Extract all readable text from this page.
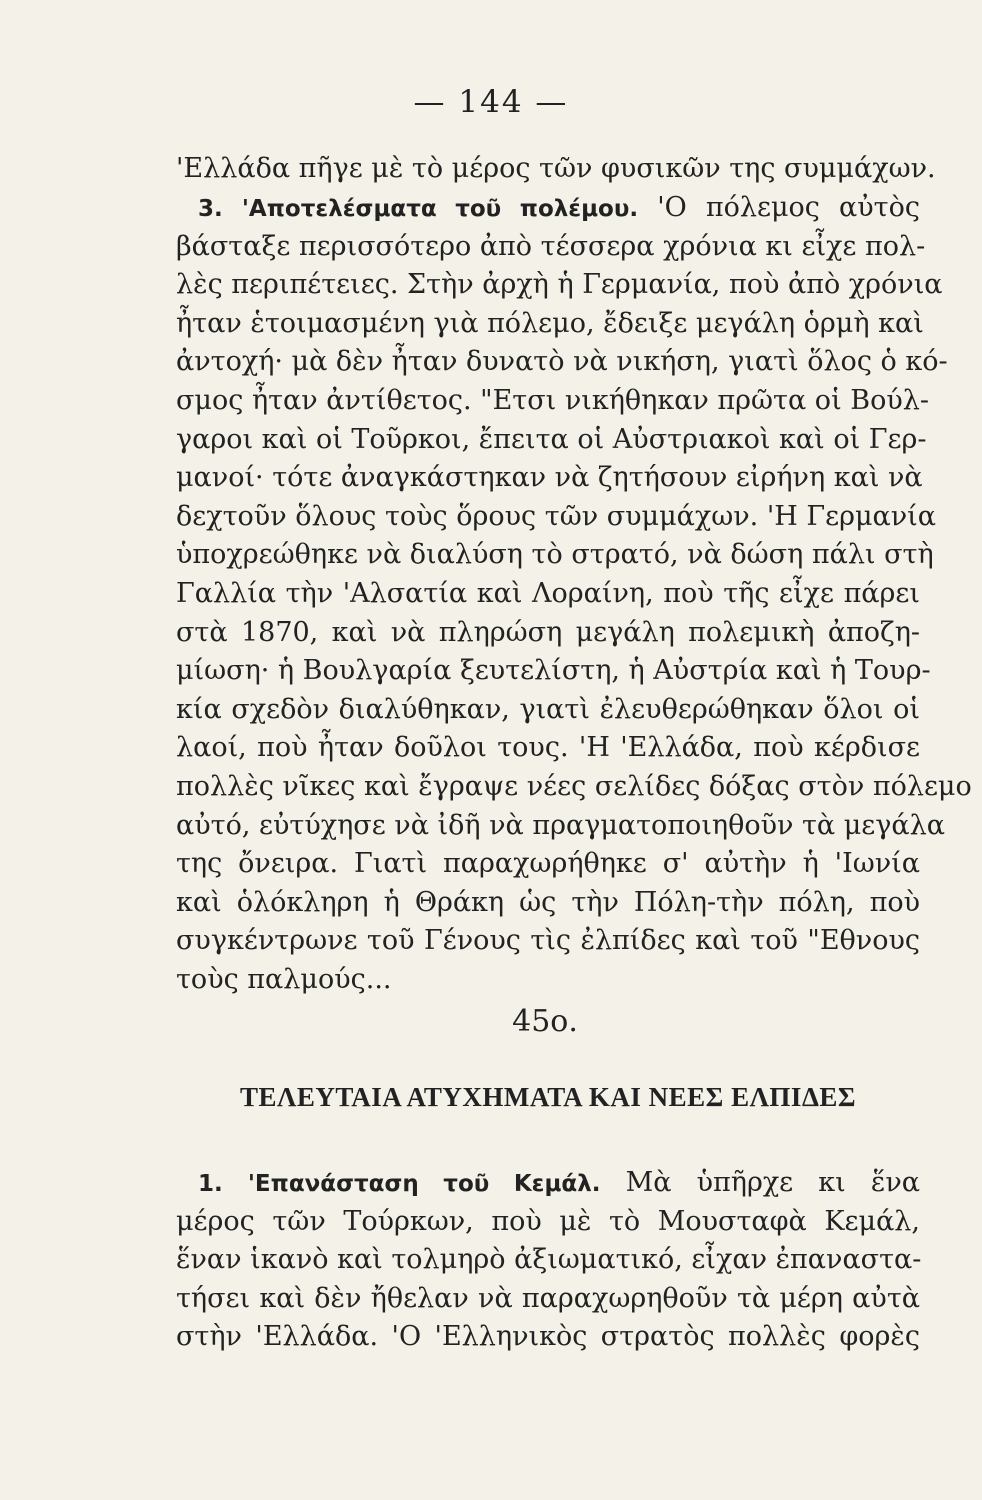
— 144 —
'Ελλάδα πῆγε μὲ τὸ μέρος τῶν φυσικῶν της συμμάχων.
3. 'Αποτελέσματα τοῦ πολέμου. 'Ο πόλεμος αὐτὸς
βάσταξε περισσότερο ἀπὸ τέσσερα χρόνια κι εἶχε πολ-
λὲς περιπέτειες. Στὴν ἀρχὴ ἡ Γερμανία, ποὺ ἀπὸ χρόνια
ἦταν ἑτοιμασμένη γιὰ πόλεμο, ἔδειξε μεγάλη ὁρμὴ καὶ
ἀντοχή· μὰ δὲν ἦταν δυνατὸ νὰ νικήση, γιατὶ ὅλος ὁ κό-
σμος ἦταν ἀντίθετος. "Ετσι νικήθηκαν πρῶτα οἱ Βούλ-
γαροι καὶ οἱ Τοῦρκοι, ἔπειτα οἱ Αὐστριακοὶ καὶ οἱ Γερ-
μανοί· τότε ἀναγκάστηκαν νὰ ζητήσουν εἰρήνη καὶ νὰ
δεχτοῦν ὅλους τοὺς ὅρους τῶν συμμάχων. 'Η Γερμανία
ὑποχρεώθηκε νὰ διαλύση τὸ στρατό, νὰ δώση πάλι στὴ
Γαλλία τὴν 'Αλσατία καὶ Λοραίνη, ποὺ τῆς εἶχε πάρει
στὰ 1870, καὶ νὰ πληρώση μεγάλη πολεμικὴ ἀποζη-
μίωση· ἡ Βουλγαρία ξευτελίστη, ἡ Αὐστρία καὶ ἡ Τουρ-
κία σχεδὸν διαλύθηκαν, γιατὶ ἐλευθερώθηκαν ὅλοι οἱ
λαοί, ποὺ ἦταν δοῦλοι τους. 'Η 'Ελλάδα, ποὺ κέρδισε
πολλὲς νῖκες καὶ ἔγραψε νέες σελίδες δόξας στὸν πόλεμο
αὐτό, εὐτύχησε νὰ ἰδῆ νὰ πραγματοποιηθοῦν τὰ μεγάλα
της ὄνειρα. Γιατὶ παραχωρήθηκε σ' αὐτὴν ἡ 'Ιωνία
καὶ ὁλόκληρη ἡ Θράκη ὡς τὴν Πόλη-τὴν πόλη, ποὺ
συγκέντρωνε τοῦ Γένους τὶς ἐλπίδες καὶ τοῦ "Εθνους
τοὺς παλμούς...
45ο.
ΤΕΛΕΥΤΑΙΑ ΑΤΥΧΗΜΑΤΑ ΚΑΙ ΝΕΕΣ ΕΛΠΙΔΕΣ
1. 'Επανάσταση τοῦ Κεμάλ. Μὰ ὑπῆρχε κι ἕνα
μέρος τῶν Τούρκων, ποὺ μὲ τὸ Μουσταφὰ Κεμάλ,
ἕναν ἱκανὸ καὶ τολμηρὸ ἀξιωματικό, εἶχαν ἐπαναστα-
τήσει καὶ δὲν ἤθελαν νὰ παραχωρηθοῦν τὰ μέρη αὐτὰ
στὴν 'Ελλάδα. 'Ο 'Ελληνικὸς στρατὸς πολλὲς φορὲς
